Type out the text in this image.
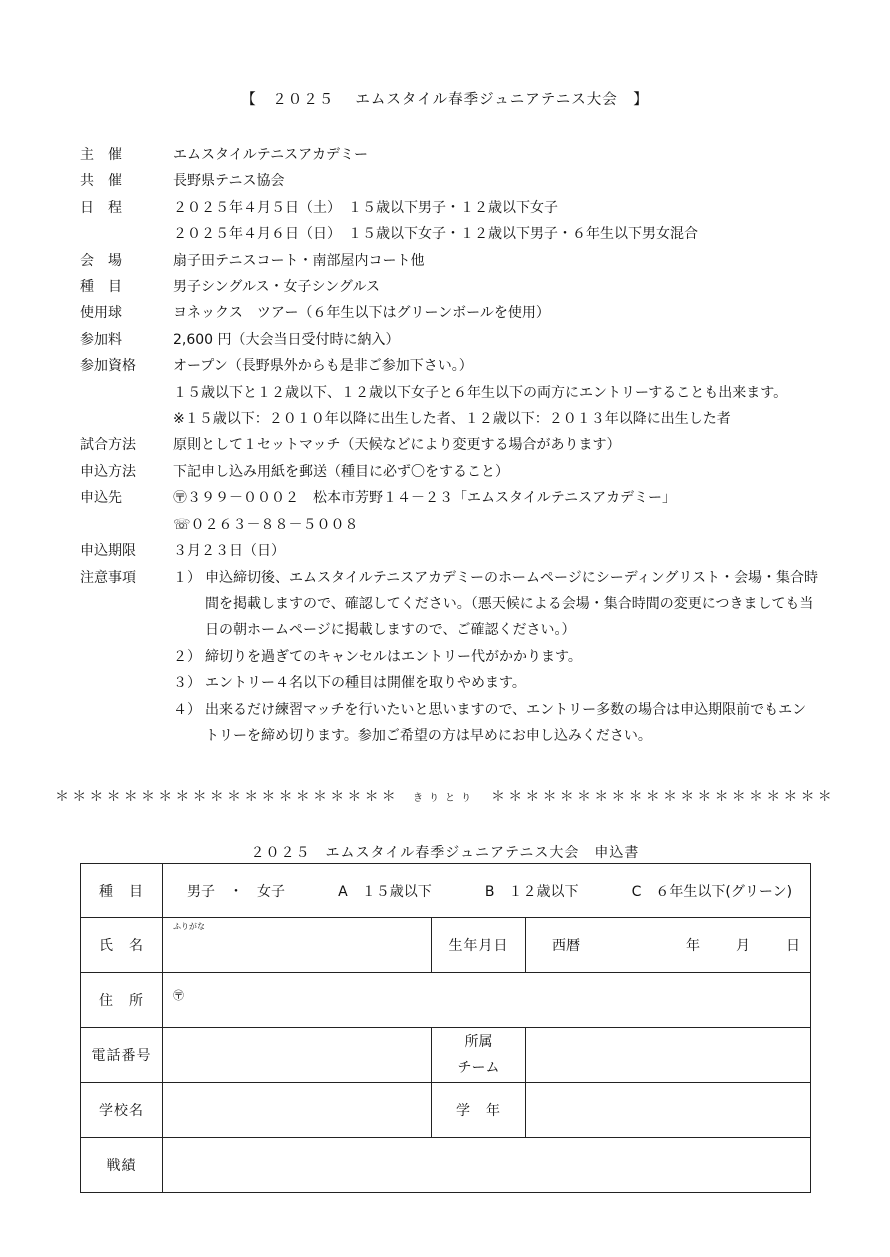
【　２０２５　 エムスタイル春季ジュニアテニス大会　】
主　催	エムスタイルテニスアカデミー
共　催	長野県テニス協会
日　程	２０２５年４月５日（土）　１５歳以下男子・１２歳以下女子
２０２５年４月６日（日）　１５歳以下女子・１２歳以下男子・６年生以下男女混合
会　場	扇子田テニスコート・南部屋内コート他
種　目	男子シングルス・女子シングルス
使用球	ヨネックス　ツアー（６年生以下はグリーンボールを使用）
参加料	2,600 円（大会当日受付時に納入）
参加資格	オープン（長野県外からも是非ご参加下さい。）
１５歳以下と１２歳以下、１２歳以下女子と６年生以下の両方にエントリーすることも出来ます。
※１５歳以下：２０１０年以降に出生した者、１２歳以下：２０１３年以降に出生した者
試合方法	原則として１セットマッチ（天候などにより変更する場合があります）
申込方法	下記申し込み用紙を郵送（種目に必ず〇をすること）
申込先	〶３９９－０００２　松本市芳野１４－２３「エムスタイルテニスアカデミー」
☏０２６３－８８－５００８
申込期限	３月２３日（日）
注意事項	１） 申込締切後、エムスタイルテニスアカデミーのホームページにシーディングリスト・会場・集合時間を掲載しますので、確認してください。（悪天候による会場・集合時間の変更につきましても当日の朝ホームページに掲載しますので、ご確認ください。）
２） 締切りを過ぎてのキャンセルはエントリー代がかかります。
３） エントリー４名以下の種目は開催を取りやめます。
４） 出来るだけ練習マッチを行いたいと思いますので、エントリー多数の場合は申込期限前でもエントリーを締め切ります。参加ご希望の方は早めにお申し込みください。
＊＊＊＊＊＊＊＊＊＊＊＊＊＊＊＊＊＊＊＊ きりとり ＊＊＊＊＊＊＊＊＊＊＊＊＊＊＊＊＊＊＊＊
２０２５　エムスタイル春季ジュニアテニス大会　申込書
種　目	男子　・　女子 A　１５歳以下 B　１２歳以下 C　６年生以下(グリーン)		

氏　名	ふりがな	生年月日	西暦 年 月 日

住　所	〶		

電話番号		所属
チーム	

学校名		学　年	
戦績			
